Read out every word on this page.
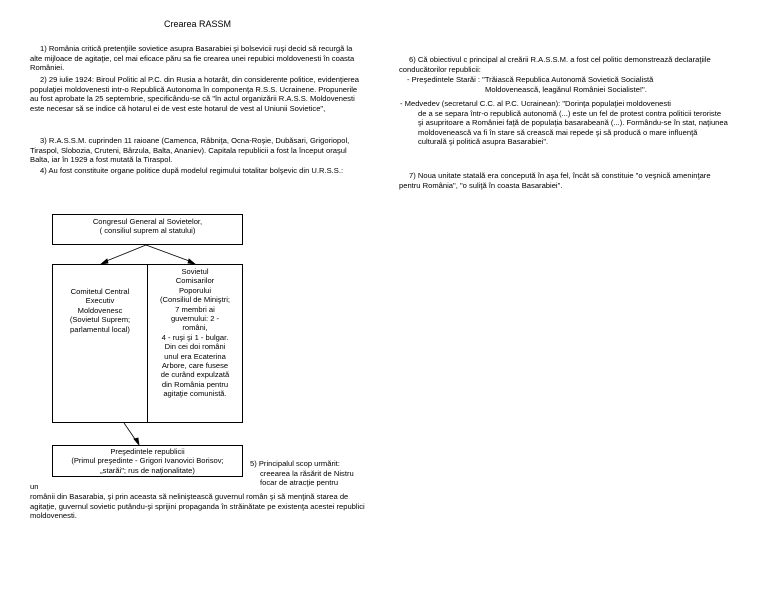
Crearea RASSM

1) România critică pretenţiile sovietice asupra Basarabiei şi bolsevicii ruşi decid să recurgă la alte mijloace de agitaţie, cel mai eficace păru sa fie crearea unei repubici moldovenesti în coasta României.

2) 29 iulie 1924: Biroul Politic al P.C. din Rusia a hotarât, din considerente politice, evidenţierea populaţiei moldovenesti intr-o Republică Autonoma în componenţa R.S.S. Ucrainene. Propunerile au fost aprobate la 25 septembrie, specificându-se că "în actul organizării R.A.S.S. Moldovenesti este necesar să se indice că hotarul ei de vest este hotarul de vest al Uniunii Sovietice",

3) R.A.S.S.M. cuprinden 11 raioane (Camenca, Râbniţa, Ocna-Roşie, Dubăsari, Grigoriopol, Tiraspol, Slobozia, Cruteni, Bârzula, Balta, Ananiev). Capitala republicii a fost la început oraşul Balta, iar în 1929 a fost mutată la Tiraspol.

4) Au fost constituite organe politice după modelul regimului totalitar bolşevic din U.R.S.S.:

6) Că obiectivul c principal al creării R.A.S.S.M. a fost cel politic demonstrează declaraţiile conducătorilor republicii:

- Preşedintele Starăi : "Trăiască Republica Autonomă Sovietică Socialistă
Moldovenească, leagănul României Socialiste!".
- Medvedev (secretarul C.C. al P.C. Ucrainean): "Dorinţa populaţiei moldovenesti
de a se separa într-o republică autonomă (...) este un fel de protest contra politicii teroriste şi asupritoare a României faţă de populaţia basarabeană (...). Formându-se în stat, naţiunea moldovenească va fi în stare să crească mai repede şi să producă o mare influenţă culturală şi politică asupra Basarabiei".

7) Noua unitate statală era concepută în aşa fel, încât să constituie "o veşnică ameninţare pentru România", "o suliţă în coasta Basarabiei".

Congresul General al Sovietelor,
( consiliul suprem al statului)
Comitetul Central
Executiv
Moldovenesc
(Sovietul Suprem;
parlamentul local)
Sovietul
Comisarilor
Poporului
(Consiliul de Miniştri;
7 membri ai
guvernului: 2 -
români,
4 - ruşi şi 1 - bulgar.
Din cei doi români
unul era Ecaterina
Arbore, care fusese
de curând expulzată
din România pentru
agitaţie comunistă.
Preşedintele republicii
(Primul preşedinte - Grigori Ivanovici Borisov;
„starăi"; rus de naţionalitate)
5) Principalul scop urmărit:
creearea la răsărit de Nistru
focar de atracţie pentru
un

românii din Basarabia, şi prin aceasta să neliniştească guvernul român şi să menţină starea de agitaţie, guvernul sovietic putându-şi sprijini propaganda în străinătate pe existenţa acestei republici moldovenesti.
